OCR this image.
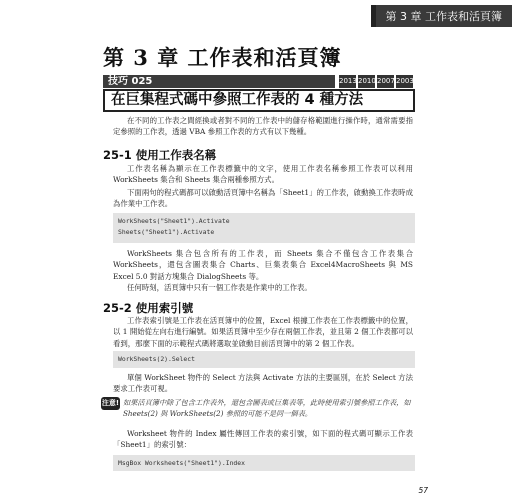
第 3 章 工作表和活頁簿
第 3 章 工作表和活頁簿
技巧 025	2013 2010 2007 2003
在巨集程式碼中參照工作表的 4 種方法
在不同的工作表之間經換或者對不同的工作表中的儲存格範圍進行操作時，通常需要指定參照的工作表，透過 VBA 參照工作表的方式有以下幾種。
25-1 使用工作表名稱
工作表名稱為顯示在工作表標籤中的文字，使用工作表名稱參照工作表可以利用 WorkSheets 集合和 Sheets 集合兩種參照方式。
下面兩句的程式碼都可以啟動活頁簿中名稱為「Sheet1」的工作表，啟動換工作表時成為作業中工作表。
WorkSheets("Sheet1").Activate
Sheets("Sheet1").Activate
WorkSheets 集合包含所有的工作表，而 Sheets 集合不僅包含工作表集合 WorkSheets，還包含圖表集合 Charts、巨集表集合 Excel4MacroSheets 與 MS Excel 5.0 對話方塊集合 DialogSheets 等。
任何時刻，活頁簿中只有一個工作表是作業中的工作表。
25-2 使用索引號
工作表索引號是工作表在活頁簿中的位置，Excel 根據工作表在工作表標籤中的位置，以 1 開始從左向右進行編號。如果活頁簿中至少存在兩個工作表，並且第 2 個工作表都可以看到，那麼下面的示範程式碼將選取並啟動目前活頁簿中的第 2 個工作表。
WorkSheets(2).Select
單個 WorkSheet 物件的 Select 方法與 Activate 方法的主要區別，在於 Select 方法要求工作表可視。
注意! 如果活頁簿中除了包含工作表外，還包含圖表或巨集表等，此時使用索引號參照工作表，如 Sheets(2) 與 WorkSheets(2) 參照的可能不是同一個表。
Worksheet 物件的 Index 屬性傳回工作表的索引號，如下面的程式碼可顯示工作表「Sheet1」的索引號：
MsgBox Worksheets("Sheet1").Index
57
